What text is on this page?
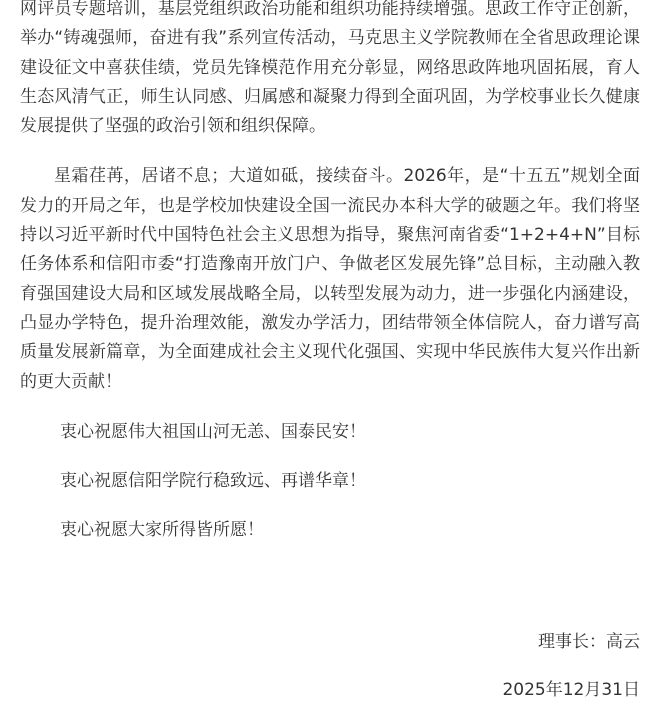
网评员专题培训，基层党组织政治功能和组织功能持续增强。思政工作守正创新，举办“铸魂强师，奋进有我”系列宣传活动，马克思主义学院教师在全省思政理论课建设征文中喜获佳绩，党员先锋模范作用充分彰显，网络思政阵地巩固拓展，育人生态风清气正，师生认同感、归属感和凝聚力得到全面巩固，为学校事业长久健康发展提供了坚强的政治引领和组织保障。

星霜荏苒，居诸不息；大道如砥，接续奋斗。2026年，是“十五五”规划全面发力的开局之年，也是学校加快建设全国一流民办本科大学的破题之年。我们将坚持以习近平新时代中国特色社会主义思想为指导，聚焦河南省委“1+2+4+N”目标任务体系和信阳市委“打造豫南开放门户、争做老区发展先锋”总目标，主动融入教育强国建设大局和区域发展战略全局，以转型发展为动力，进一步强化内涵建设，凸显办学特色，提升治理效能，激发办学活力，团结带领全体信院人，奋力谱写高质量发展新篇章，为全面建成社会主义现代化强国、实现中华民族伟大复兴作出新的更大贡献！

衷心祝愿伟大祖国山河无恙、国泰民安！

衷心祝愿信阳学院行稳致远、再谱华章！

衷心祝愿大家所得皆所愿！

理事长：高云

2025年12月31日
